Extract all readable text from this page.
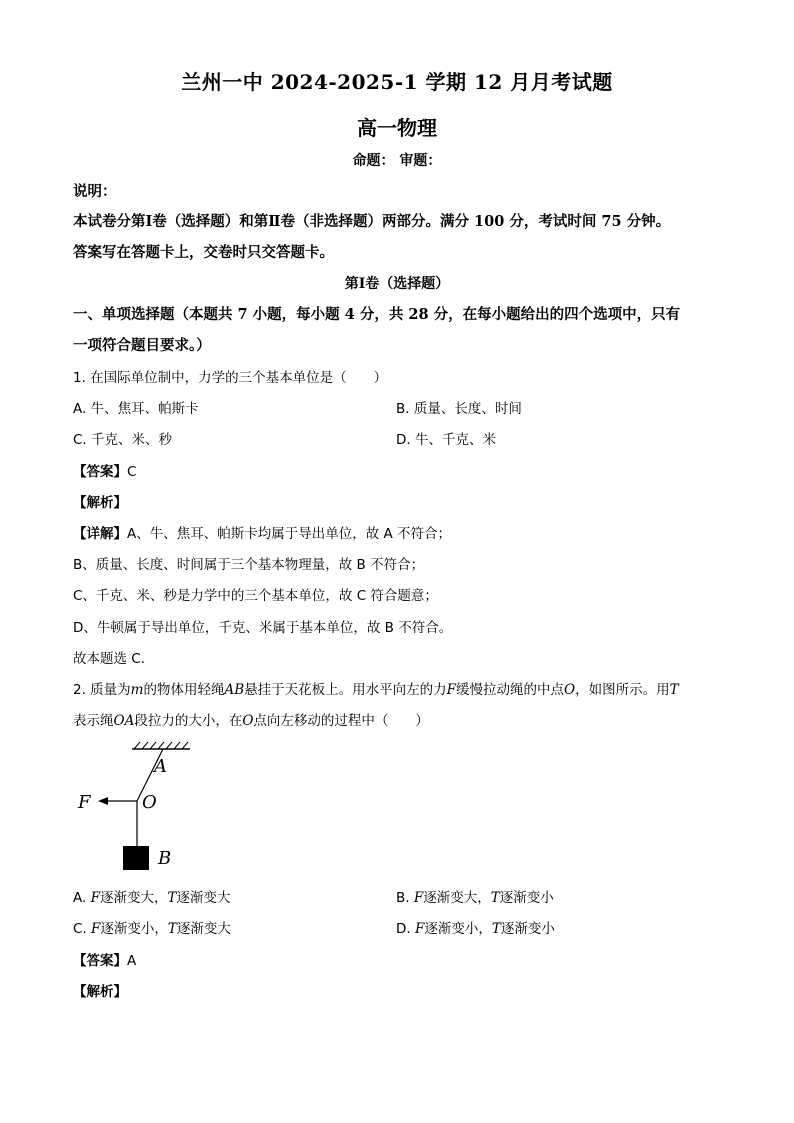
兰州一中 2024-2025-1 学期 12 月月考试题
高一物理
命题： 审题：
说明：
本试卷分第Ⅰ卷（选择题）和第Ⅱ卷（非选择题）两部分。满分 100 分，考试时间 75 分钟。
答案写在答题卡上，交卷时只交答题卡。
第Ⅰ卷（选择题）
一、单项选择题（本题共 7 小题，每小题 4 分，共 28 分，在每小题给出的四个选项中，只有
一项符合题目要求。）
1. 在国际单位制中，力学的三个基本单位是（　　）
A. 牛、焦耳、帕斯卡	B. 质量、长度、时间
C. 千克、米、秒	D. 牛、千克、米
【答案】C
【解析】
【详解】A、牛、焦耳、帕斯卡均属于导出单位，故 A 不符合；
B、质量、长度、时间属于三个基本物理量，故 B 不符合；
C、千克、米、秒是力学中的三个基本单位，故 C 符合题意；
D、牛顿属于导出单位，千克、米属于基本单位，故 B 不符合。
故本题选 C.
2. 质量为m的物体用轻绳AB悬挂于天花板上。用水平向左的力F缓慢拉动绳的中点O，如图所示。用T
表示绳OA段拉力的大小，在O点向左移动的过程中（　　）
A
O
F
B
A. F逐渐变大，T逐渐变大	B. F逐渐变大，T逐渐变小
C. F逐渐变小，T逐渐变大	D. F逐渐变小，T逐渐变小
【答案】A
【解析】
